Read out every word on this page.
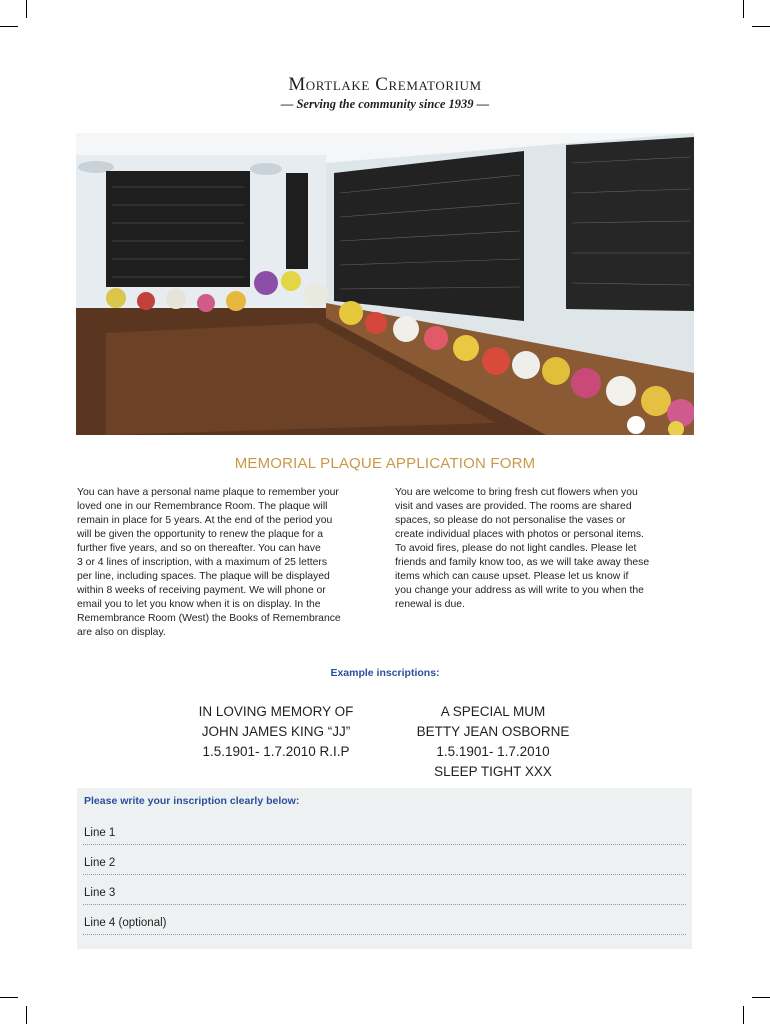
Mortlake Crematorium
— Serving the community since 1939 —
MEMORIAL PLAQUE APPLICATION FORM
You can have a personal name plaque to remember your
loved one in our Remembrance Room. The plaque will
remain in place for 5 years. At the end of the period you
will be given the opportunity to renew the plaque for a
further five years, and so on thereafter. You can have
3 or 4 lines of inscription, with a maximum of 25 letters
per line, including spaces. The plaque will be displayed
within 8 weeks of receiving payment. We will phone or
email you to let you know when it is on display. In the
Remembrance Room (West) the Books of Remembrance
are also on display.
You are welcome to bring fresh cut flowers when you
visit and vases are provided. The rooms are shared
spaces, so please do not personalise the vases or
create individual places with photos or personal items.
To avoid fires, please do not light candles. Please let
friends and family know too, as we will take away these
items which can cause upset. Please let us know if
you change your address as will write to you when the
renewal is due.
Example inscriptions:
IN LOVING MEMORY OF
JOHN JAMES KING “JJ”
1.5.1901- 1.7.2010 R.I.P
A SPECIAL MUM
BETTY JEAN OSBORNE
1.5.1901- 1.7.2010
SLEEP TIGHT XXX
Please write your inscription clearly below:
Line 1
Line 2
Line 3
Line 4 (optional)
